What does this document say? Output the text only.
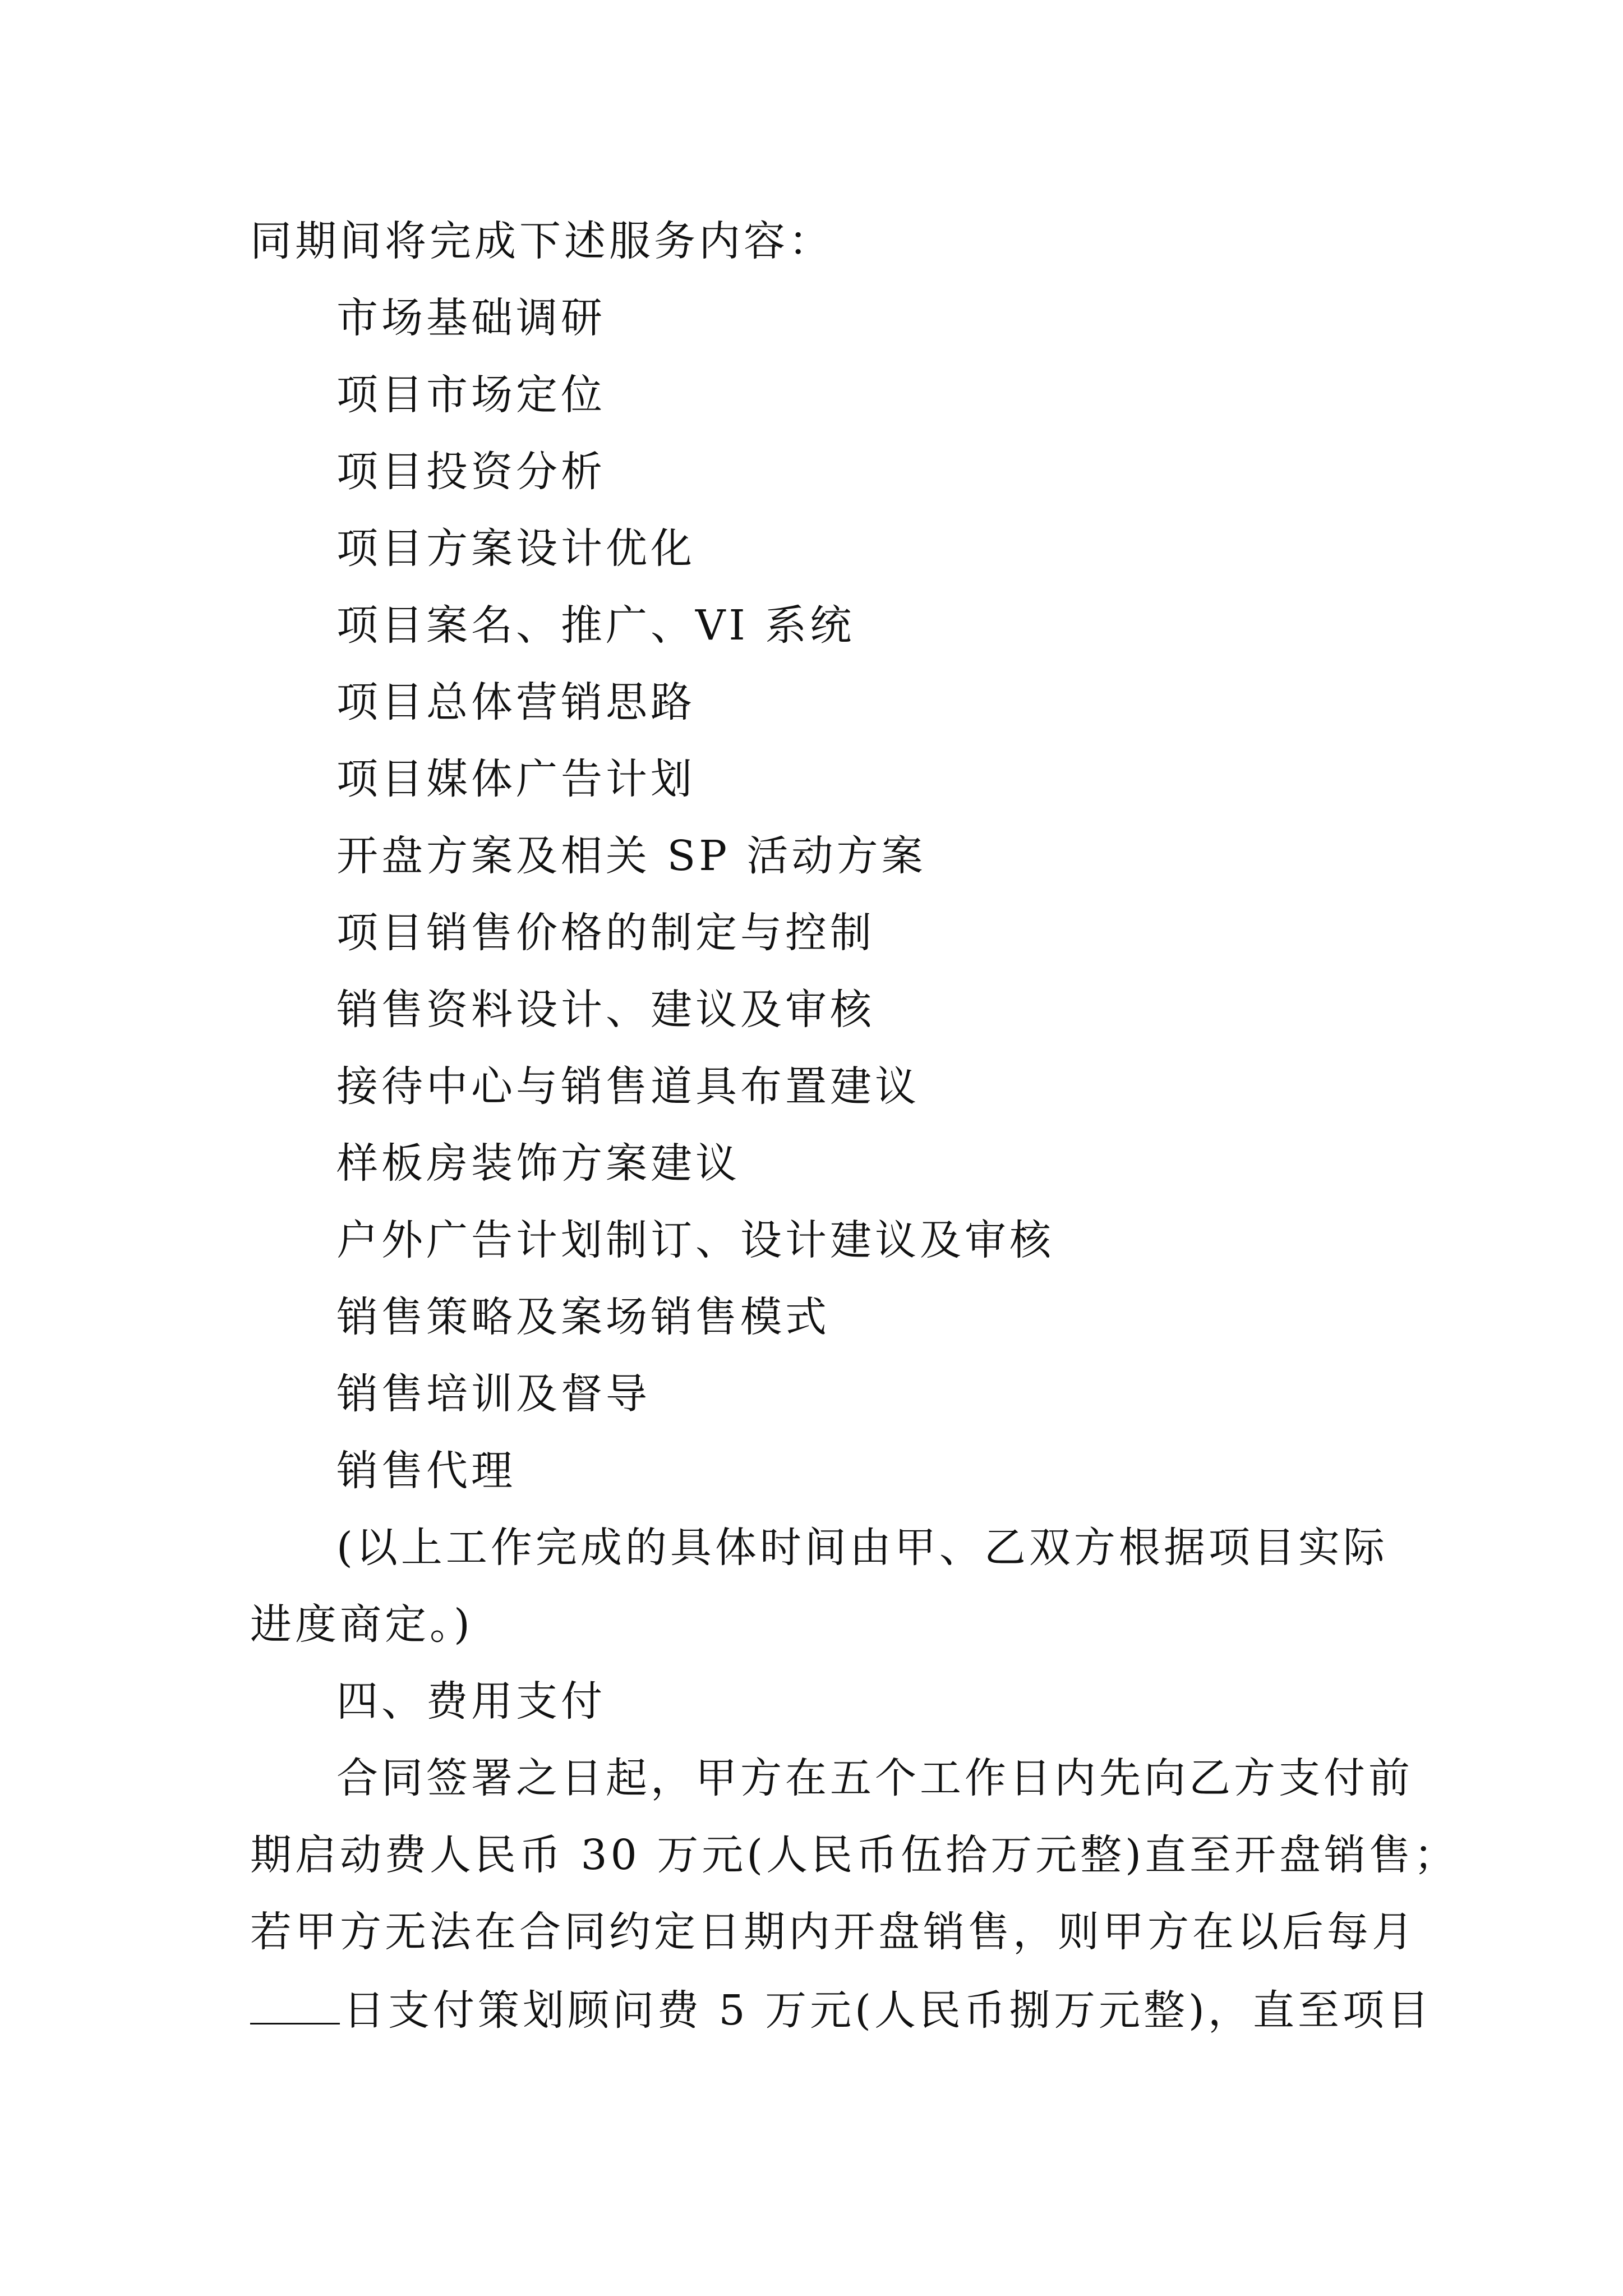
同期间将完成下述服务内容：
市场基础调研
项目市场定位
项目投资分析
项目方案设计优化
项目案名、推广、VI 系统
项目总体营销思路
项目媒体广告计划
开盘方案及相关 SP 活动方案
项目销售价格的制定与控制
销售资料设计、建议及审核
接待中心与销售道具布置建议
样板房装饰方案建议
户外广告计划制订、设计建议及审核
销售策略及案场销售模式
销售培训及督导
销售代理
(以上工作完成的具体时间由甲、乙双方根据项目实际
进度商定。)
四、费用支付
合同签署之日起，甲方在五个工作日内先向乙方支付前
期启动费人民币 30 万元(人民币伍拾万元整)直至开盘销售；
若甲方无法在合同约定日期内开盘销售，则甲方在以后每月
日支付策划顾问费 5 万元(人民币捌万元整)，直至项目
